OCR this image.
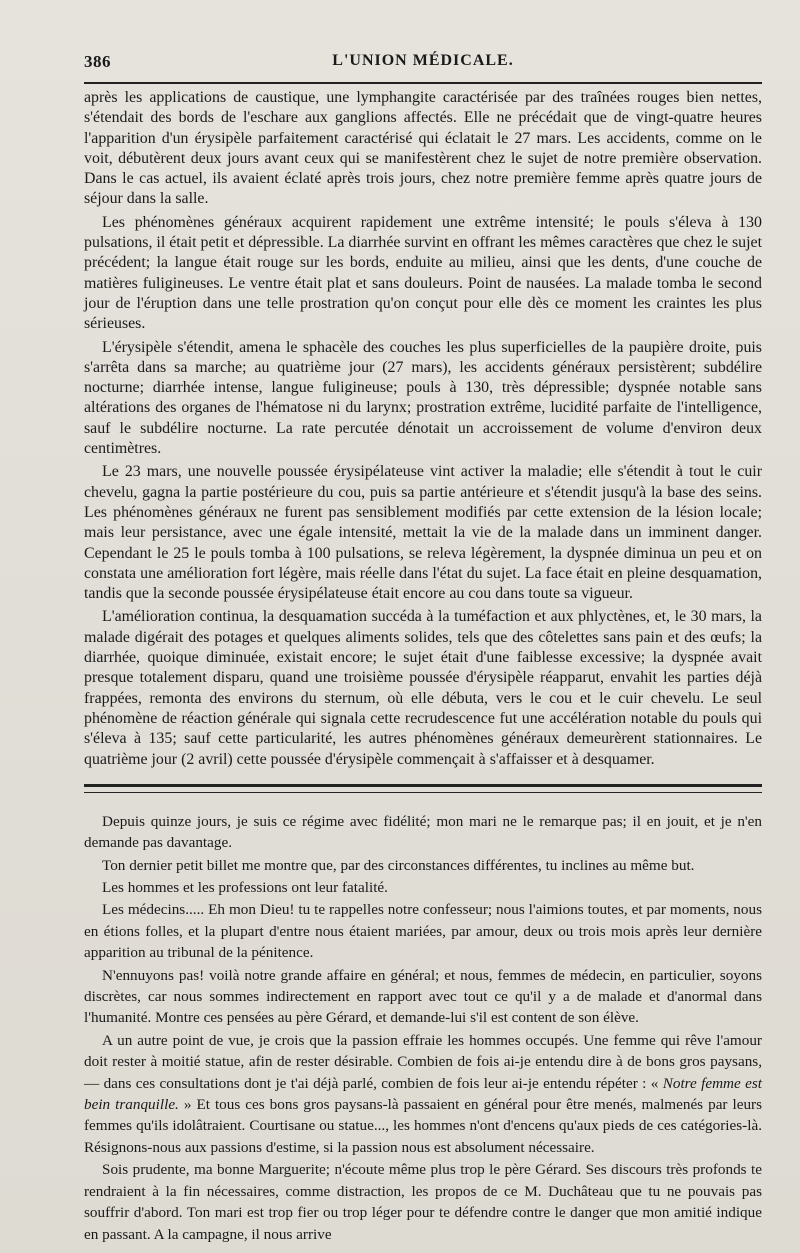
386	L'UNION MÉDICALE.

après les applications de caustique, une lymphangite caractérisée par des traînées rouges bien nettes, s'étendait des bords de l'eschare aux ganglions affectés. Elle ne précédait que de vingt-quatre heures l'apparition d'un érysipèle parfaitement caractérisé qui éclatait le 27 mars. Les accidents, comme on le voit, débutèrent deux jours avant ceux qui se manifestèrent chez le sujet de notre première observation. Dans le cas actuel, ils avaient éclaté après trois jours, chez notre première femme après quatre jours de séjour dans la salle.

Les phénomènes généraux acquirent rapidement une extrême intensité; le pouls s'éleva à 130 pulsations, il était petit et dépressible. La diarrhée survint en offrant les mêmes caractères que chez le sujet précédent; la langue était rouge sur les bords, enduite au milieu, ainsi que les dents, d'une couche de matières fuligineuses. Le ventre était plat et sans douleurs. Point de nausées. La malade tomba le second jour de l'éruption dans une telle prostration qu'on conçut pour elle dès ce moment les craintes les plus sérieuses.

L'érysipèle s'étendit, amena le sphacèle des couches les plus superficielles de la paupière droite, puis s'arrêta dans sa marche; au quatrième jour (27 mars), les accidents généraux persistèrent; subdélire nocturne; diarrhée intense, langue fuligineuse; pouls à 130, très dépressible; dyspnée notable sans altérations des organes de l'hématose ni du larynx; prostration extrême, lucidité parfaite de l'intelligence, sauf le subdélire nocturne. La rate percutée dénotait un accroissement de volume d'environ deux centimètres.

Le 23 mars, une nouvelle poussée érysipélateuse vint activer la maladie; elle s'étendit à tout le cuir chevelu, gagna la partie postérieure du cou, puis sa partie antérieure et s'étendit jusqu'à la base des seins. Les phénomènes généraux ne furent pas sensiblement modifiés par cette extension de la lésion locale; mais leur persistance, avec une égale intensité, mettait la vie de la malade dans un imminent danger. Cependant le 25 le pouls tomba à 100 pulsations, se releva légèrement, la dyspnée diminua un peu et on constata une amélioration fort légère, mais réelle dans l'état du sujet. La face était en pleine desquamation, tandis que la seconde poussée érysipélateuse était encore au cou dans toute sa vigueur.

L'amélioration continua, la desquamation succéda à la tuméfaction et aux phlyctènes, et, le 30 mars, la malade digérait des potages et quelques aliments solides, tels que des côtelettes sans pain et des œufs; la diarrhée, quoique diminuée, existait encore; le sujet était d'une faiblesse excessive; la dyspnée avait presque totalement disparu, quand une troisième poussée d'érysipèle réapparut, envahit les parties déjà frappées, remonta des environs du sternum, où elle débuta, vers le cou et le cuir chevelu. Le seul phénomène de réaction générale qui signala cette recrudescence fut une accélération notable du pouls qui s'éleva à 135; sauf cette particularité, les autres phénomènes généraux demeurèrent stationnaires. Le quatrième jour (2 avril) cette poussée d'érysipèle commençait à s'affaisser et à desquamer.

Depuis quinze jours, je suis ce régime avec fidélité; mon mari ne le remarque pas; il en jouit, et je n'en demande pas davantage.

Ton dernier petit billet me montre que, par des circonstances différentes, tu inclines au même but.

Les hommes et les professions ont leur fatalité.

Les médecins..... Eh mon Dieu! tu te rappelles notre confesseur; nous l'aimions toutes, et par moments, nous en étions folles, et la plupart d'entre nous étaient mariées, par amour, deux ou trois mois après leur dernière apparition au tribunal de la pénitence.

N'ennuyons pas! voilà notre grande affaire en général; et nous, femmes de médecin, en particulier, soyons discrètes, car nous sommes indirectement en rapport avec tout ce qu'il y a de malade et d'anormal dans l'humanité. Montre ces pensées au père Gérard, et demande-lui s'il est content de son élève.

A un autre point de vue, je crois que la passion effraie les hommes occupés. Une femme qui rêve l'amour doit rester à moitié statue, afin de rester désirable. Combien de fois ai-je entendu dire à de bons gros paysans, — dans ces consultations dont je t'ai déjà parlé, combien de fois leur ai-je entendu répéter : « Notre femme est bein tranquille. » Et tous ces bons gros paysans-là passaient en général pour être menés, malmenés par leurs femmes qu'ils idolâtraient. Courtisane ou statue..., les hommes n'ont d'encens qu'aux pieds de ces catégories-là. Résignons-nous aux passions d'estime, si la passion nous est absolument nécessaire.

Sois prudente, ma bonne Marguerite; n'écoute même plus trop le père Gérard. Ses discours très profonds te rendraient à la fin nécessaires, comme distraction, les propos de ce M. Duchâteau que tu ne pouvais pas souffrir d'abord. Ton mari est trop fier ou trop léger pour te défendre contre le danger que mon amitié indique en passant. A la campagne, il nous arrive
